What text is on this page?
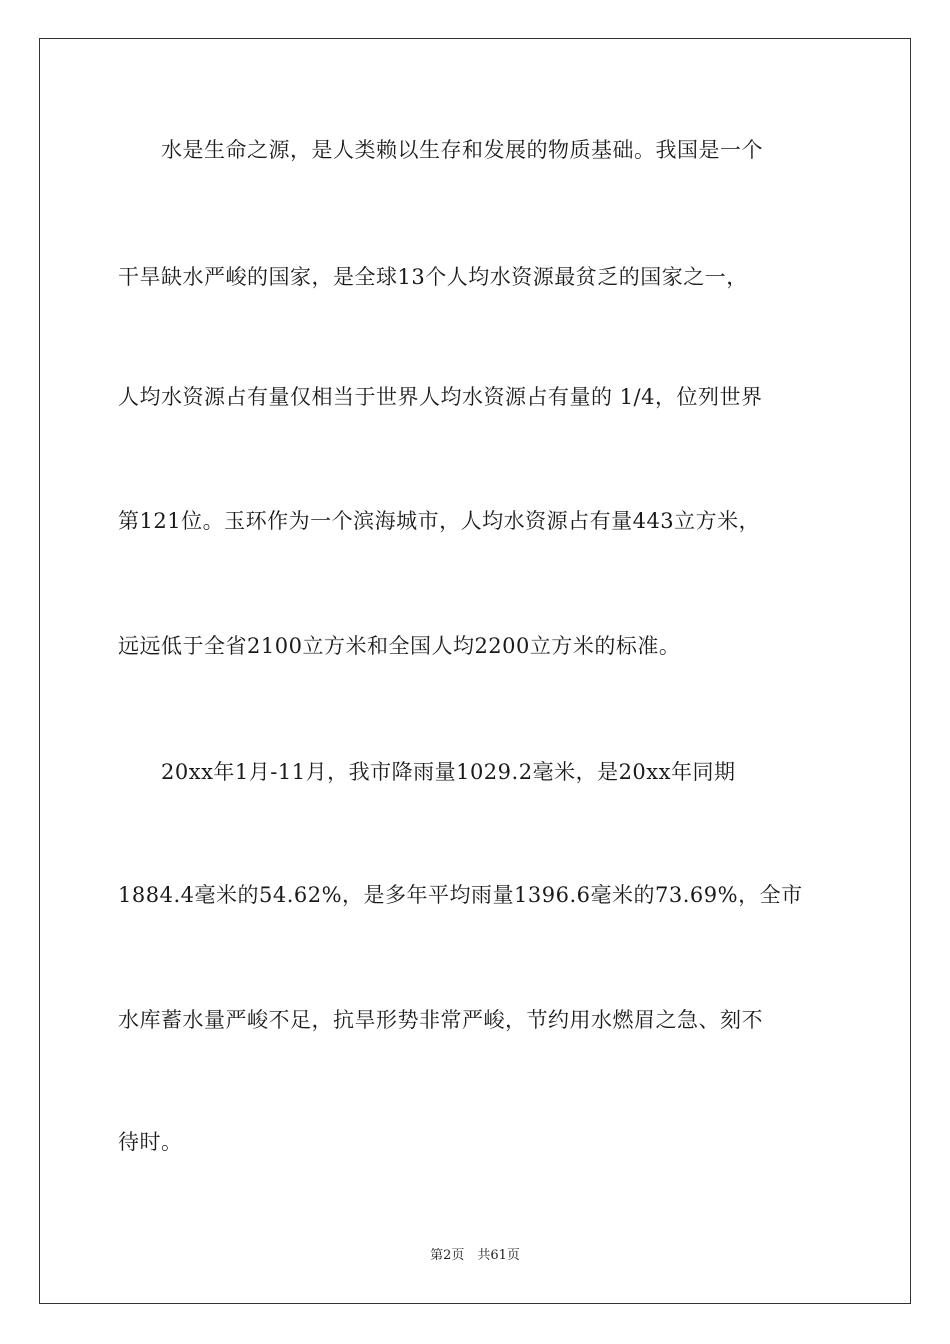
　　水是生命之源，是人类赖以生存和发展的物质基础。我国是一个
干旱缺水严峻的国家，是全球13个人均水资源最贫乏的国家之一，
人均水资源占有量仅相当于世界人均水资源占有量的 1/4，位列世界
第121位。玉环作为一个滨海城市，人均水资源占有量443立方米，
远远低于全省2100立方米和全国人均2200立方米的标准。
　　20xx年1月-11月，我市降雨量1029.2毫米，是20xx年同期
1884.4毫米的54.62%，是多年平均雨量1396.6毫米的73.69%，全市
水库蓄水量严峻不足，抗旱形势非常严峻，节约用水燃眉之急、刻不
待时。
第2页　共61页
